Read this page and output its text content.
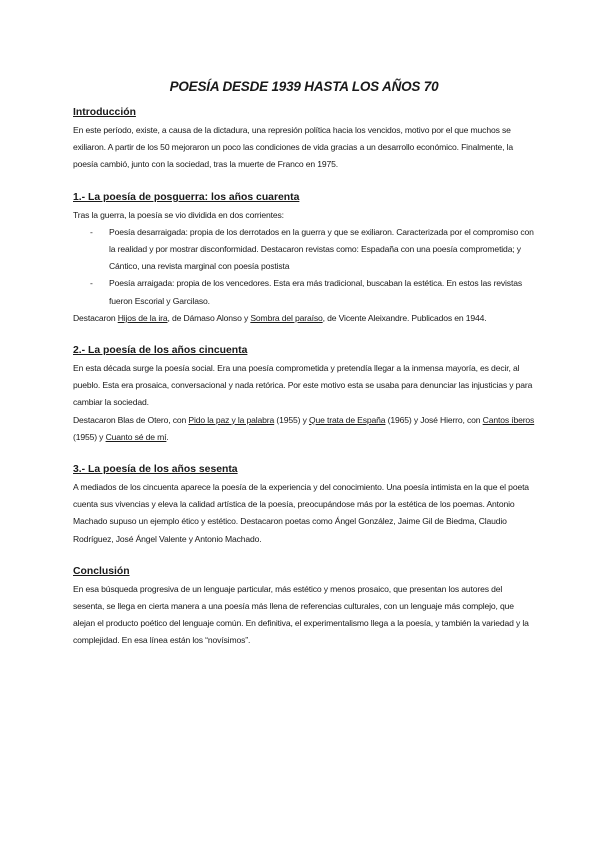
POESÍA DESDE 1939 HASTA LOS AÑOS 70
Introducción

En este período, existe, a causa de la dictadura, una represión política hacia los vencidos, motivo por el que muchos se exiliaron. A partir de los 50 mejoraron un poco las condiciones de vida gracias a un desarrollo económico. Finalmente, la poesía cambió, junto con la sociedad, tras la muerte de Franco en 1975.

1.- La poesía de posguerra: los años cuarenta

Tras la guerra, la poesía se vio dividida en dos corrientes:

- Poesía desarraigada: propia de los derrotados en la guerra y que se exiliaron. Caracterizada por el compromiso con la realidad y por mostrar disconformidad. Destacaron revistas como: Espadaña con una poesía comprometida; y Cántico, una revista marginal con poesía postista
- Poesía arraigada: propia de los vencedores. Esta era más tradicional, buscaban la estética. En estos las revistas fueron Escorial y Garcilaso.

Destacaron Hijos de la ira, de Dámaso Alonso y Sombra del paraíso, de Vicente Aleixandre. Publicados en 1944.

2.- La poesía de los años cincuenta

En esta década surge la poesía social. Era una poesía comprometida y pretendía llegar a la inmensa mayoría, es decir, al pueblo. Esta era prosaica, conversacional y nada retórica. Por este motivo esta se usaba para denunciar las injusticias y para cambiar la sociedad.

Destacaron Blas de Otero, con Pido la paz y la palabra (1955) y Que trata de España (1965) y José Hierro, con Cantos íberos (1955) y Cuanto sé de mí.

3.- La poesía de los años sesenta

A mediados de los cincuenta aparece la poesía de la experiencia y del conocimiento. Una poesía intimista en la que el poeta cuenta sus vivencias y eleva la calidad artística de la poesía, preocupándose más por la estética de los poemas. Antonio Machado supuso un ejemplo ético y estético. Destacaron poetas como Ángel González, Jaime Gil de Biedma, Claudio Rodríguez, José Ángel Valente y Antonio Machado.

Conclusión

En esa búsqueda progresiva de un lenguaje particular, más estético y menos prosaico, que presentan los autores del sesenta, se llega en cierta manera a una poesía más llena de referencias culturales, con un lenguaje más complejo, que alejan el producto poético del lenguaje común. En definitiva, el experimentalismo llega a la poesía, y también la variedad y la complejidad. En esa línea están los “novísimos”.
